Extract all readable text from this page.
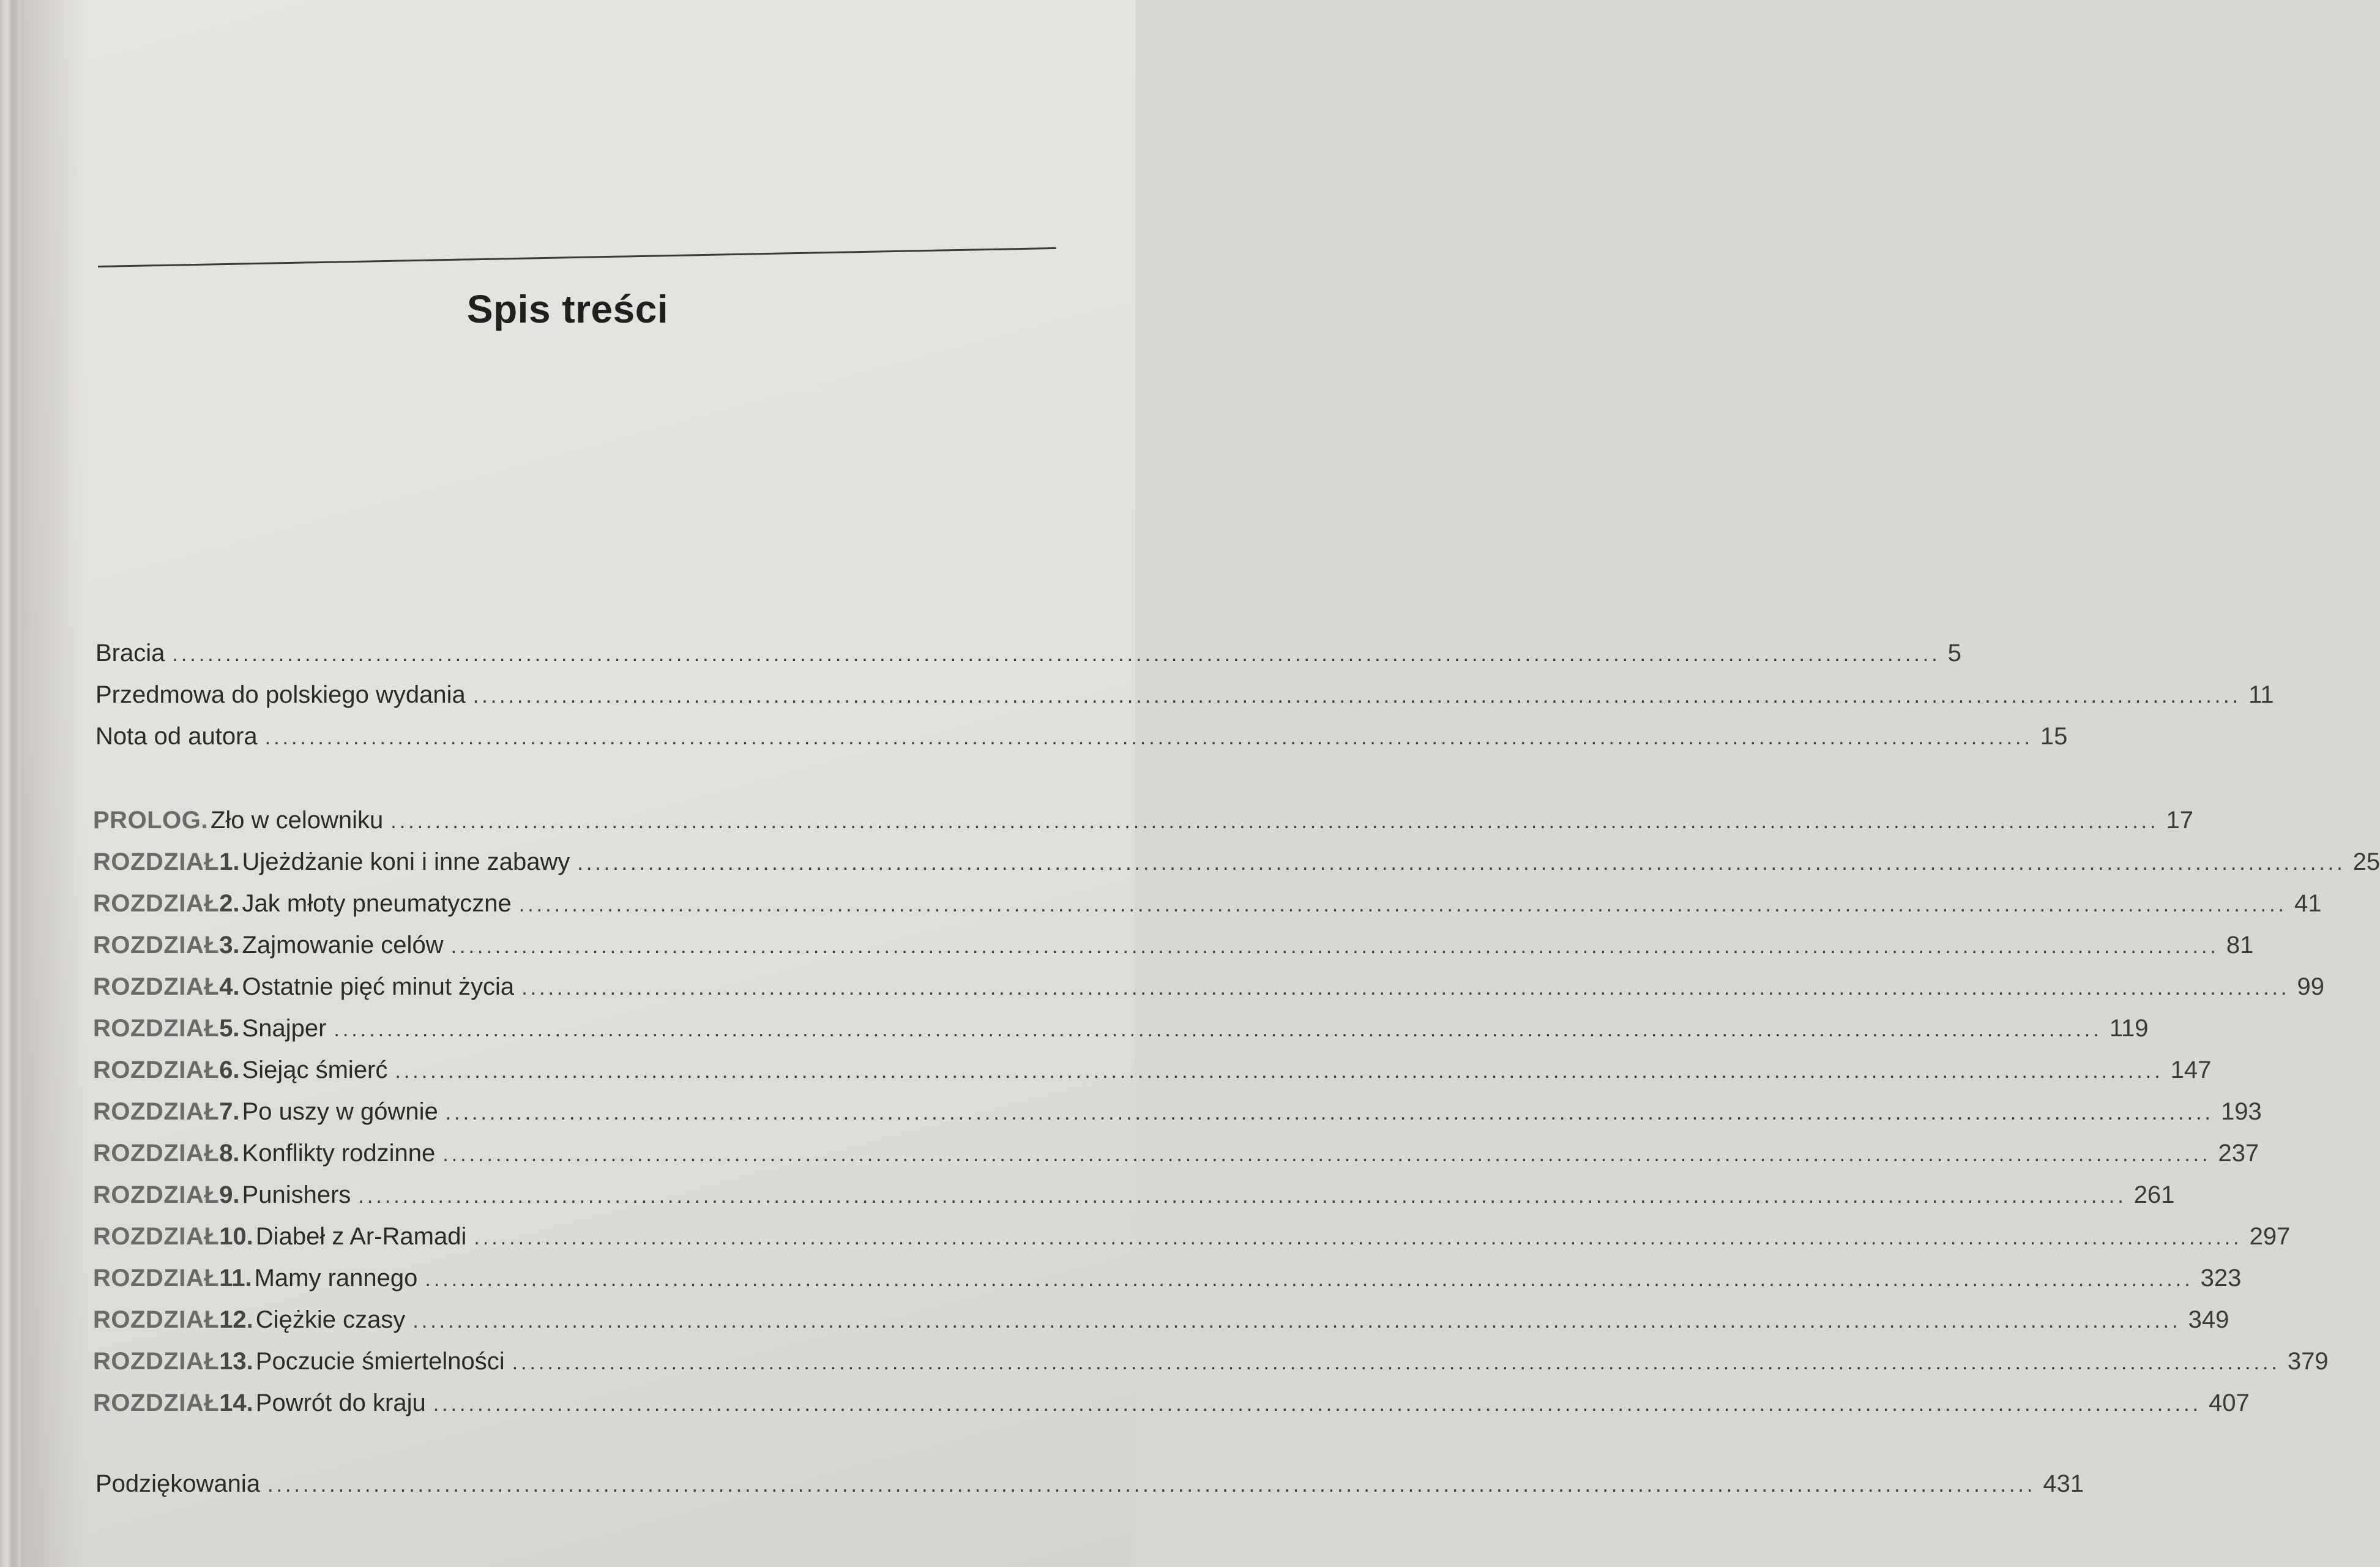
Spis treści
Bracia ........................................................................................................................................................................................................ 5
Przedmowa do polskiego wydania ........................................................................................................................................................................................................ 11
Nota od autora ........................................................................................................................................................................................................ 15
PROLOG. Zło w celowniku ........................................................................................................................................................................................................ 17
ROZDZIAŁ 1. Ujeżdżanie koni i inne zabawy ........................................................................................................................................................................................................ 25
ROZDZIAŁ 2. Jak młoty pneumatyczne ........................................................................................................................................................................................................ 41
ROZDZIAŁ 3. Zajmowanie celów ........................................................................................................................................................................................................ 81
ROZDZIAŁ 4. Ostatnie pięć minut życia ........................................................................................................................................................................................................ 99
ROZDZIAŁ 5. Snajper ........................................................................................................................................................................................................ 119
ROZDZIAŁ 6. Siejąc śmierć ........................................................................................................................................................................................................ 147
ROZDZIAŁ 7. Po uszy w gównie ........................................................................................................................................................................................................ 193
ROZDZIAŁ 8. Konflikty rodzinne ........................................................................................................................................................................................................ 237
ROZDZIAŁ 9. Punishers ........................................................................................................................................................................................................ 261
ROZDZIAŁ 10. Diabeł z Ar-Ramadi ........................................................................................................................................................................................................ 297
ROZDZIAŁ 11. Mamy rannego ........................................................................................................................................................................................................ 323
ROZDZIAŁ 12. Ciężkie czasy ........................................................................................................................................................................................................ 349
ROZDZIAŁ 13. Poczucie śmiertelności ........................................................................................................................................................................................................ 379
ROZDZIAŁ 14. Powrót do kraju ........................................................................................................................................................................................................ 407
Podziękowania ........................................................................................................................................................................................................ 431
